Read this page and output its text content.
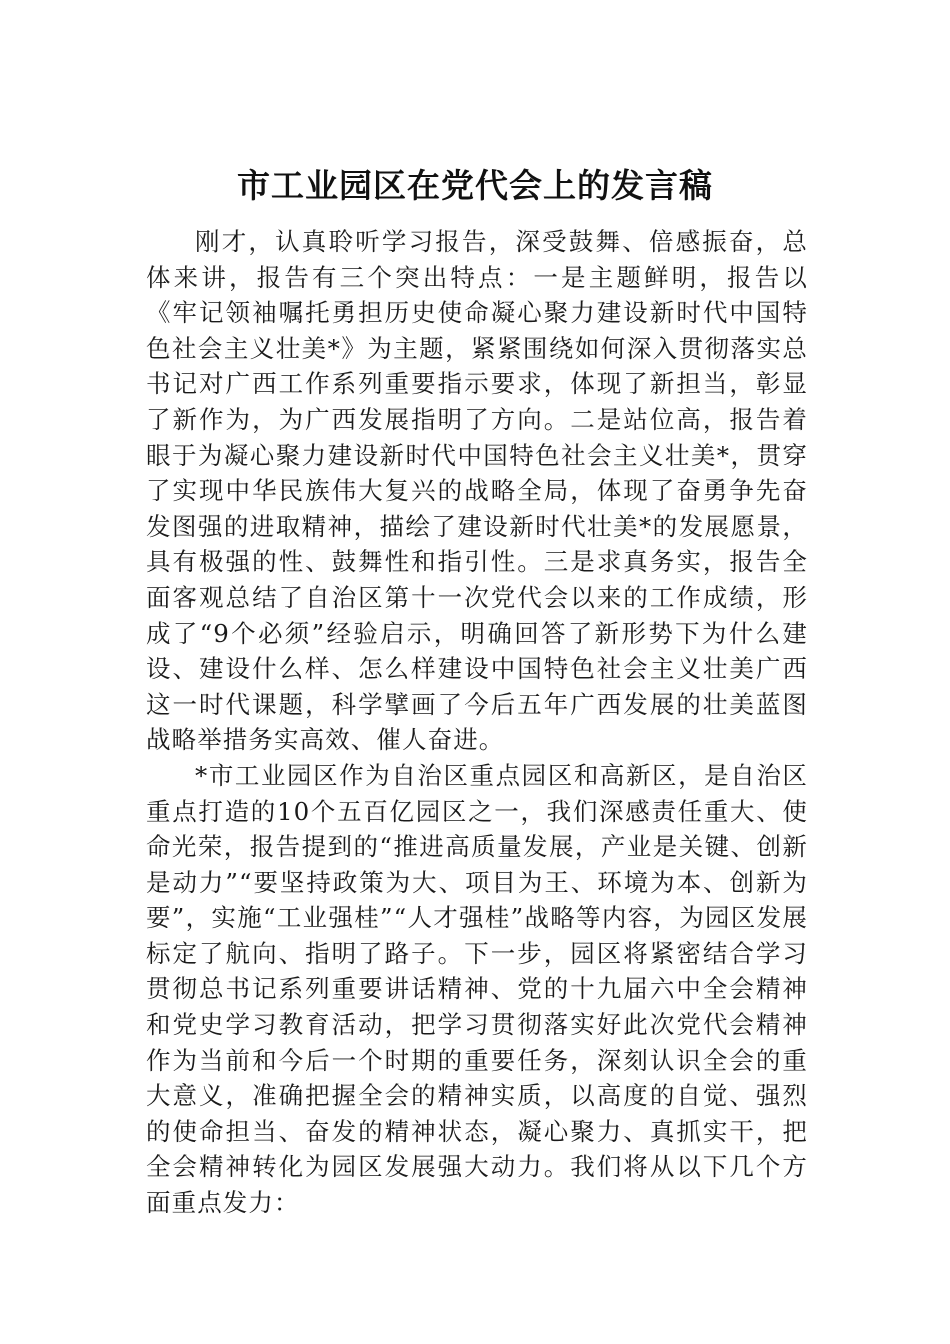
市工业园区在党代会上的发言稿

刚才，认真聆听学习报告，深受鼓舞、倍感振奋，总体来讲，报告有三个突出特点：一是主题鲜明，报告以《牢记领袖嘱托勇担历史使命凝心聚力建设新时代中国特色社会主义壮美*》为主题，紧紧围绕如何深入贯彻落实总书记对广西工作系列重要指示要求，体现了新担当，彰显了新作为，为广西发展指明了方向。二是站位高，报告着眼于为凝心聚力建设新时代中国特色社会主义壮美*，贯穿了实现中华民族伟大复兴的战略全局，体现了奋勇争先奋发图强的进取精神，描绘了建设新时代壮美*的发展愿景，具有极强的性、鼓舞性和指引性。三是求真务实，报告全面客观总结了自治区第十一次党代会以来的工作成绩，形成了“9个必须”经验启示，明确回答了新形势下为什么建设、建设什么样、怎么样建设中国特色社会主义壮美广西这一时代课题，科学擘画了今后五年广西发展的壮美蓝图战略举措务实高效、催人奋进。

*市工业园区作为自治区重点园区和高新区，是自治区重点打造的10个五百亿园区之一，我们深感责任重大、使命光荣，报告提到的“推进高质量发展，产业是关键、创新是动力”“要坚持政策为大、项目为王、环境为本、创新为要”，实施“工业强桂”“人才强桂”战略等内容，为园区发展标定了航向、指明了路子。下一步，园区将紧密结合学习贯彻总书记系列重要讲话精神、党的十九届六中全会精神和党史学习教育活动，把学习贯彻落实好此次党代会精神作为当前和今后一个时期的重要任务，深刻认识全会的重大意义，准确把握全会的精神实质，以高度的自觉、强烈的使命担当、奋发的精神状态，凝心聚力、真抓实干，把全会精神转化为园区发展强大动力。我们将从以下几个方面重点发力：
